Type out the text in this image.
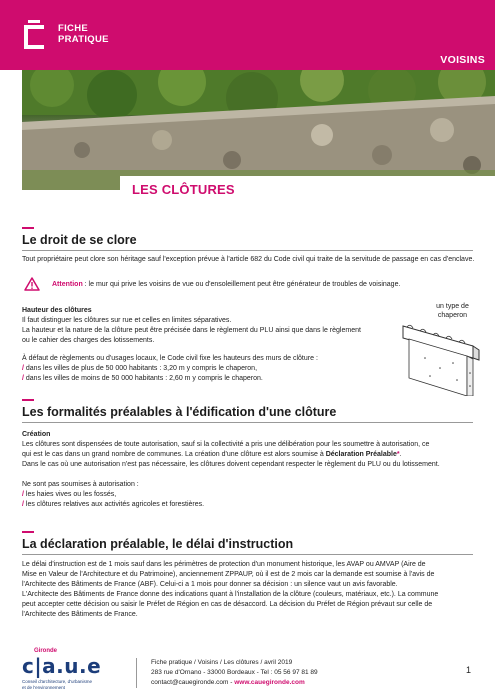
FICHE
PRATIQUE
VOISINS
LES CLÔTURES
Le droit de se clore

Tout propriétaire peut clore son héritage sauf l'exception prévue à l'article 682 du Code civil qui traite de la servitude de passage en cas d'enclave.

Attention : le mur qui prive les voisins de vue ou d'ensoleillement peut être générateur de troubles de voisinage.

Hauteur des clôtures

Il faut distinguer les clôtures sur rue et celles en limites séparatives.

La hauteur et la nature de la clôture peut être précisée dans le règlement du PLU ainsi que dans le règlement

ou le cahier des charges des lotissements.

À défaut de règlements ou d'usages locaux, le Code civil fixe les hauteurs des murs de clôture :

/ dans les villes de plus de 50 000 habitants : 3,20 m y compris le chaperon,

/ dans les villes de moins de 50 000 habitants : 2,60 m y compris le chaperon.

un type de chaperon
Les formalités préalables à l'édification d'une clôture

Création

Les clôtures sont dispensées de toute autorisation, sauf si la collectivité a pris une délibération pour les soumettre à autorisation, ce

qui est le cas dans un grand nombre de communes. La création d'une clôture est alors soumise à Déclaration Préalable*.

Dans le cas où une autorisation n'est pas nécessaire, les clôtures doivent cependant respecter le règlement du PLU ou du lotissement.

Ne sont pas soumises à autorisation :

/ les haies vives ou les fossés,

/ les clôtures relatives aux activités agricoles et forestières.

La déclaration préalable, le délai d'instruction

Le délai d'instruction est de 1 mois sauf dans les périmètres de protection d'un monument historique, les AVAP ou AMVAP (Aire de

Mise en Valeur de l'Architecture et du Patrimoine), anciennement ZPPAUP, où il est de 2 mois car la demande est soumise à l'avis de

l'Architecte des Bâtiments de France (ABF). Celui-ci a 1 mois pour donner sa décision : un silence vaut un avis favorable.

L'Architecte des Bâtiments de France donne des indications quant à l'installation de la clôture (couleurs, matériaux, etc.). La commune

peut accepter cette décision ou saisir le Préfet de Région en cas de désaccord. La décision du Préfet de Région prévaut sur celle de

l'Architecte des Bâtiments de France.

Gironde
c|a.u.e
Conseil d'architecture, d'urbanisme
et de l'environnement
Fiche pratique / Voisins / Les clôtures / avril 2019
283 rue d'Ornano - 33000 Bordeaux - Tel : 05 56 97 81 89
contact@cauegironde.com - www.cauegironde.com
1
